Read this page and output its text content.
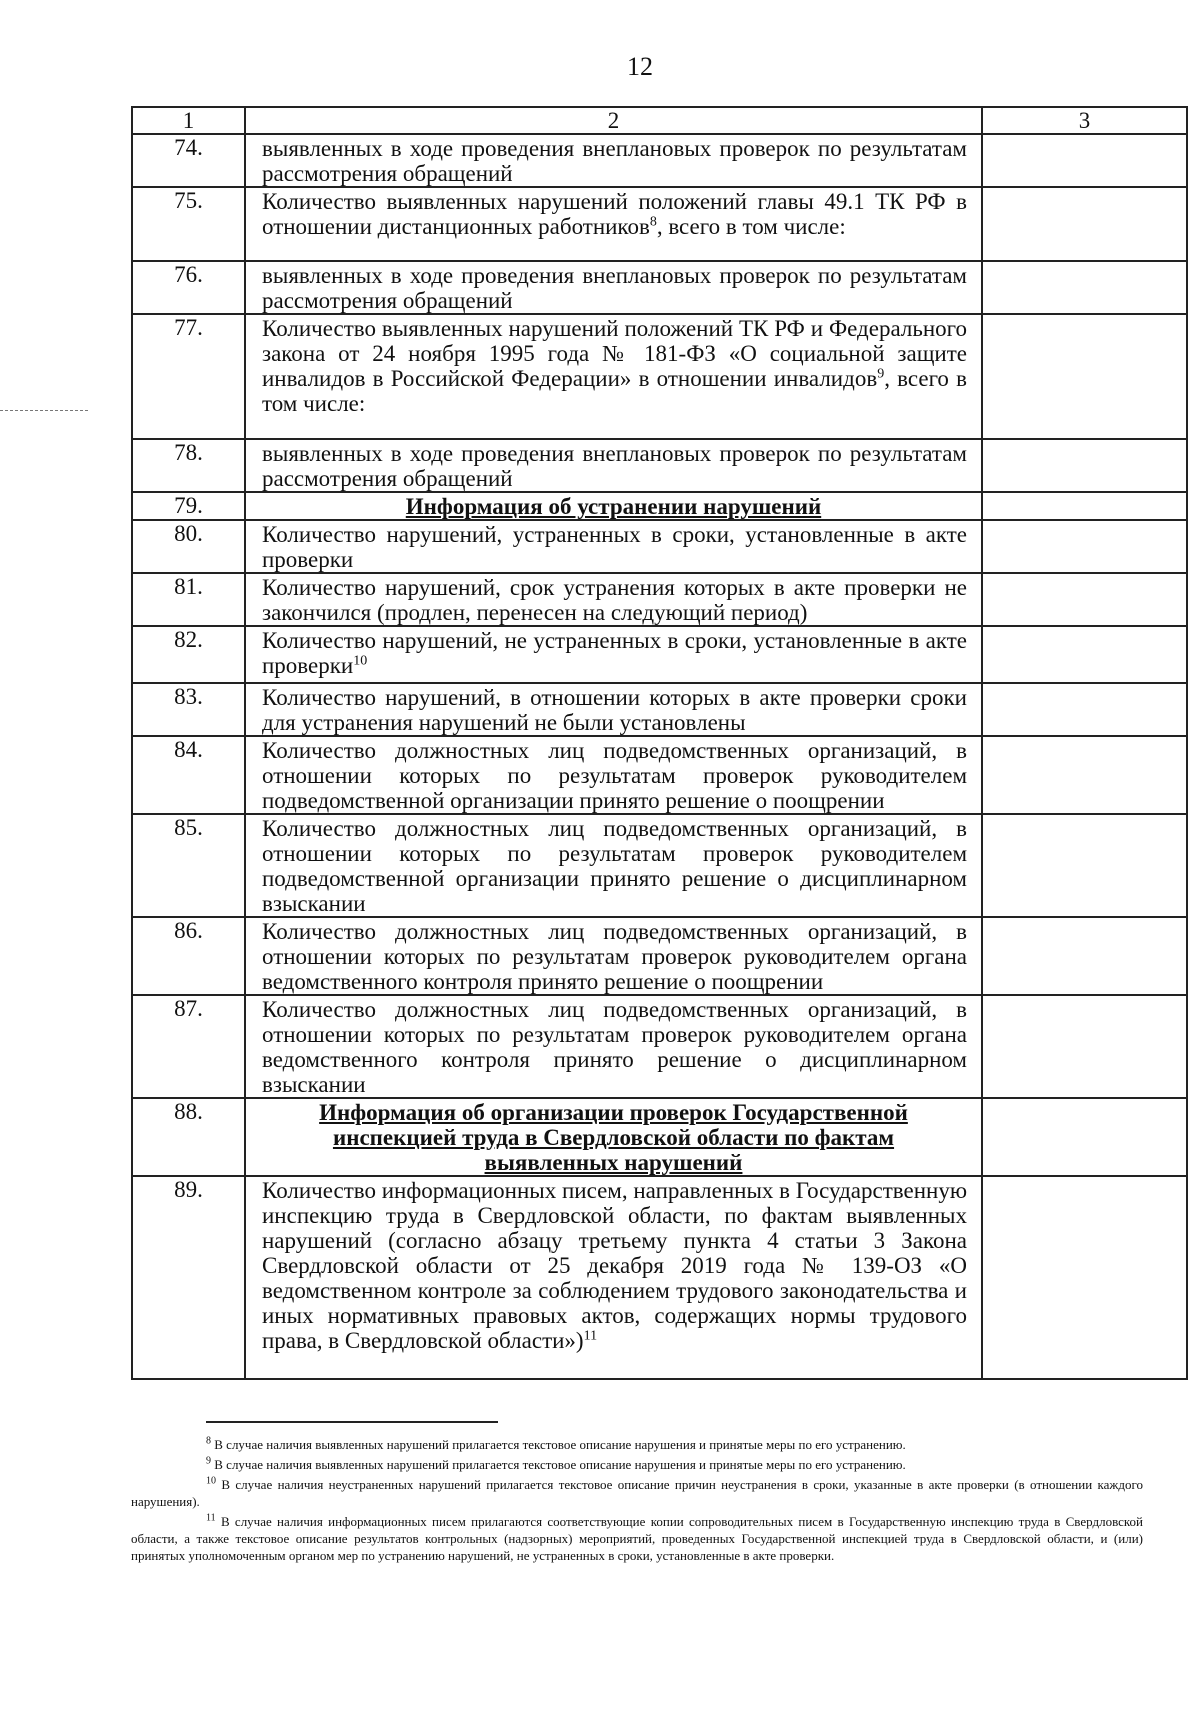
12
1	2	3
74.	выявленных в ходе проведения внеплановых проверок по результатам рассмотрения обращений	
75.	Количество выявленных нарушений положений главы 49.1 ТК РФ в отношении дистанционных работников$^8$, всего в том числе:	
76.	выявленных в ходе проведения внеплановых проверок по результатам рассмотрения обращений	
77.	Количество выявленных нарушений положений ТК РФ и Федерального закона от 24 ноября 1995 года № 181-ФЗ «О социальной защите инвалидов в Российской Федерации» в отношении инвалидов$^9$, всего в том числе:	
78.	выявленных в ходе проведения внеплановых проверок по результатам рассмотрения обращений	
79.	Информация об устранении нарушений	
80.	Количество нарушений, устраненных в сроки, установленные в акте проверки	
81.	Количество нарушений, срок устранения которых в акте проверки не закончился (продлен, перенесен на следующий период)	
82.	Количество нарушений, не устраненных в сроки, установленные в акте проверки$^{10}$	
83.	Количество нарушений, в отношении которых в акте проверки сроки для устранения нарушений не были установлены	
84.	Количество должностных лиц подведомственных организаций, в отношении которых по результатам проверок руководителем подведомственной организации принято решение о поощрении	
85.	Количество должностных лиц подведомственных организаций, в отношении которых по результатам проверок руководителем подведомственной организации принято решение о дисциплинарном взыскании	
86.	Количество должностных лиц подведомственных организаций, в отношении которых по результатам проверок руководителем органа ведомственного контроля принято решение о поощрении	
87.	Количество должностных лиц подведомственных организаций, в отношении которых по результатам проверок руководителем органа ведомственного контроля принято решение о дисциплинарном взыскании	
88.	Информация об организации проверок Государственной инспекцией труда в Свердловской области по фактам выявленных нарушений	
89.	Количество информационных писем, направленных в Государственную инспекцию труда в Свердловской области, по фактам выявленных нарушений (согласно абзацу третьему пункта 4 статьи 3 Закона Свердловской области от 25 декабря 2019 года № 139-ОЗ «О ведомственном контроле за соблюдением трудового законодательства и иных нормативных правовых актов, содержащих нормы трудового права, в Свердловской области»)$^{11}$	

$^8$ В случае наличия выявленных нарушений прилагается текстовое описание нарушения и принятые меры по его устранению.

$^9$ В случае наличия выявленных нарушений прилагается текстовое описание нарушения и принятые меры по его устранению.

$^{10}$ В случае наличия неустраненных нарушений прилагается текстовое описание причин неустранения в сроки, указанные в акте проверки (в отношении каждого нарушения).

$^{11}$ В случае наличия информационных писем прилагаются соответствующие копии сопроводительных писем в Государственную инспекцию труда в Свердловской области, а также текстовое описание результатов контрольных (надзорных) мероприятий, проведенных Государственной инспекцией труда в Свердловской области, и (или) принятых уполномоченным органом мер по устранению нарушений, не устраненных в сроки, установленные в акте проверки.
